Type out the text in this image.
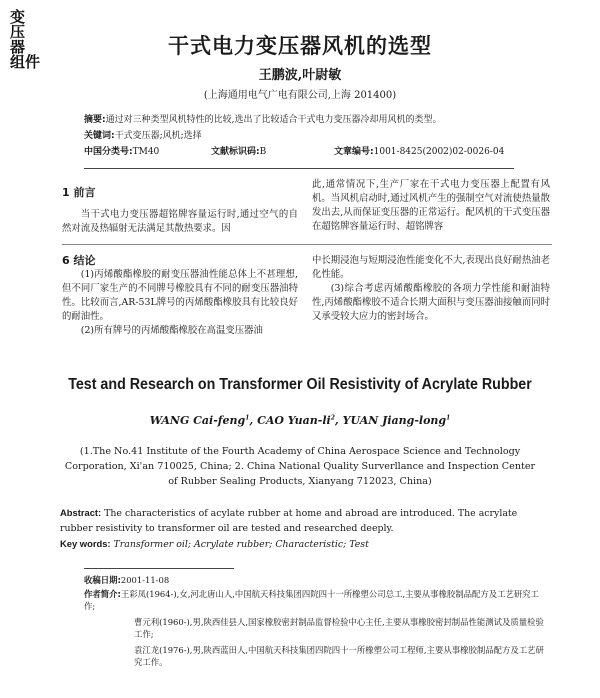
变
压
器
组件
干式电力变压器风机的选型
王鹏波,叶尉敏
(上海通用电气广电有限公司,上海 201400)
摘要:通过对三种类型风机特性的比较,选出了比较适合干式电力变压器冷却用风机的类型。
关键词:干式变压器;风机;选择
中国分类号:TM40	文献标识码:B	文章编号:1001-8425(2002)02-0026-04
1 前言

当干式电力变压器超铭牌容量运行时,通过空气的自然对流及热辐射无法满足其散热要求。因

此,通常情况下,生产厂家在干式电力变压器上配置有风机。当风机启动时,通过风机产生的强制空气对流使热量散发出去,从而保证变压器的正常运行。配风机的干式变压器在超铭牌容量运行时、超铭牌容

6 结论

(1)丙烯酸酯橡胶的耐变压器油性能总体上不甚理想,但不同厂家生产的不同牌号橡胶具有不同的耐变压器油特性。比较而言,AR-53L牌号的丙烯酸酯橡胶具有比较良好的耐油性。

(2)所有牌号的丙烯酸酯橡胶在高温变压器油

中长期浸泡与短期浸泡性能变化不大,表现出良好耐热油老化性能。

(3)综合考虑丙烯酸酯橡胶的各项力学性能和耐油特性,丙烯酸酯橡胶不适合长期大面积与变压器油接触而同时又承受较大应力的密封场合。

Test and Research on Transformer Oil Resistivity of Acrylate Rubber
WANG Cai-feng$^1$, CAO Yuan-$li^2$, YUAN Jiang-long$^1$
(1.The No.41 Institute of the Fourth Academy of China Aerospace Science and Technology Corporation, Xi'an 710025, China; 2. China National Quality Surverllance and Inspection Center of Rubber Sealing Products, Xianyang 712023, China)
Abstract: The characteristics of acylate rubber at home and abroad are introduced. The acrylate rubber resistivity to transformer oil are tested and researched deeply.
Key words: Transformer oil; Acrylate rubber; Characteristic; Test
收稿日期:2001-11-08
作者简介:王彩凤(1964-),女,河北唐山人,中国航天科技集团四院四十一所橡塑公司总工,主要从事橡胶制品配方及工艺研究工作;
曹元利(1960-),男,陕西佳县人,国家橡胶密封制品监督检验中心主任,主要从事橡胶密封制品性能测试及质量检验工作;
袁江龙(1976-),男,陕西蓝田人,中国航天科技集团四院四十一所橡塑公司工程师,主要从事橡胶制品配方及工艺研究工作。
